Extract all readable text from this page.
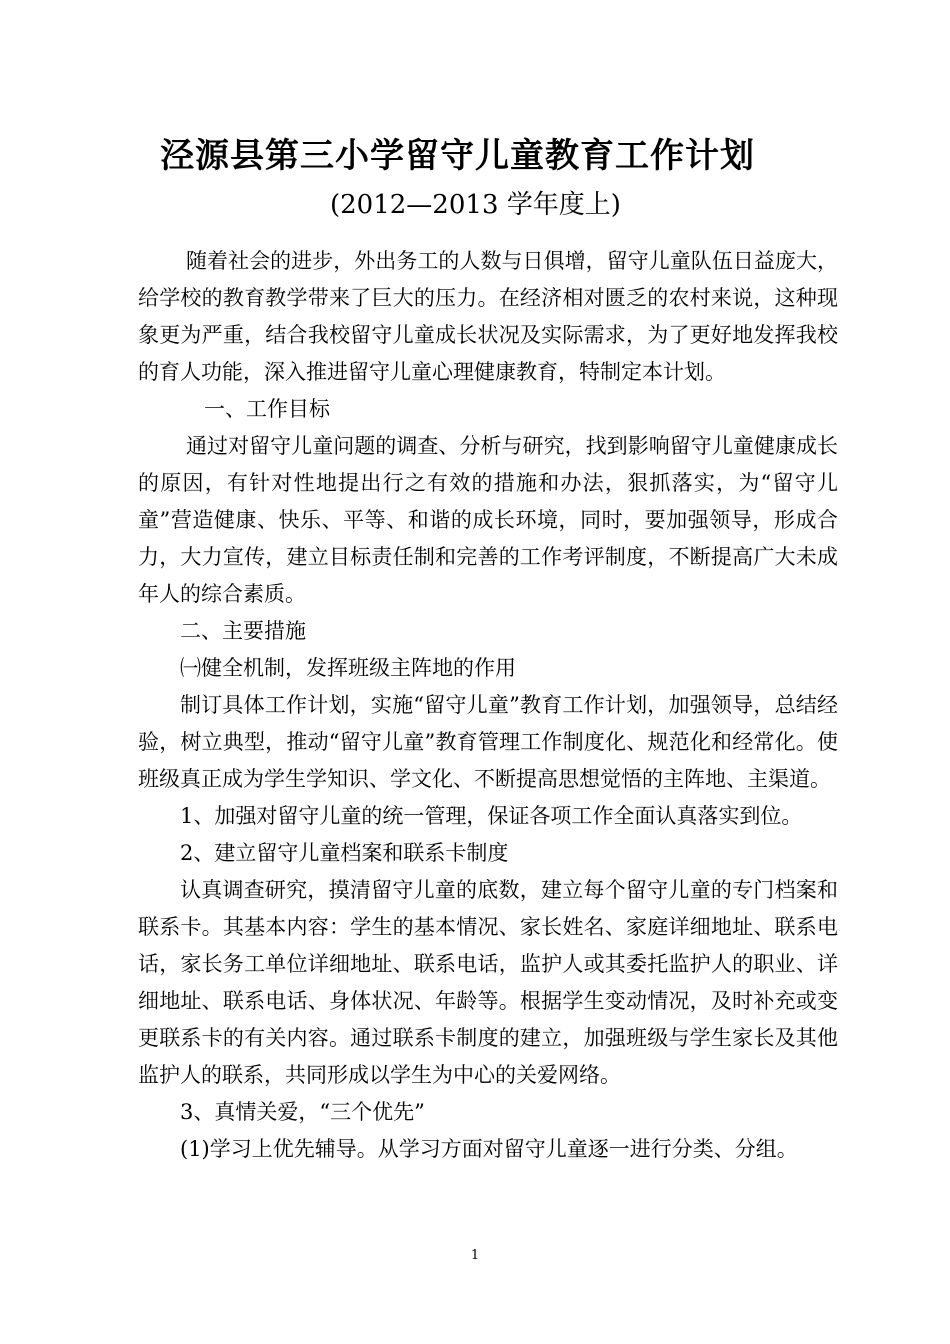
泾源县第三小学留守儿童教育工作计划
(2012—2013 学年度上)

随着社会的进步，外出务工的人数与日俱增，留守儿童队伍日益庞大，给学校的教育教学带来了巨大的压力。在经济相对匮乏的农村来说，这种现象更为严重，结合我校留守儿童成长状况及实际需求，为了更好地发挥我校的育人功能，深入推进留守儿童心理健康教育，特制定本计划。

一、工作目标

通过对留守儿童问题的调查、分析与研究，找到影响留守儿童健康成长的原因，有针对性地提出行之有效的措施和办法，狠抓落实，为“留守儿童”营造健康、快乐、平等、和谐的成长环境，同时，要加强领导，形成合力，大力宣传，建立目标责任制和完善的工作考评制度，不断提高广大未成年人的综合素质。

二、主要措施

㈠健全机制，发挥班级主阵地的作用

制订具体工作计划，实施“留守儿童”教育工作计划，加强领导，总结经验，树立典型，推动“留守儿童”教育管理工作制度化、规范化和经常化。使班级真正成为学生学知识、学文化、不断提高思想觉悟的主阵地、主渠道。

1、加强对留守儿童的统一管理，保证各项工作全面认真落实到位。

2、建立留守儿童档案和联系卡制度

认真调查研究，摸清留守儿童的底数，建立每个留守儿童的专门档案和联系卡。其基本内容：学生的基本情况、家长姓名、家庭详细地址、联系电话，家长务工单位详细地址、联系电话，监护人或其委托监护人的职业、详细地址、联系电话、身体状况、年龄等。根据学生变动情况，及时补充或变更联系卡的有关内容。通过联系卡制度的建立，加强班级与学生家长及其他监护人的联系，共同形成以学生为中心的关爱网络。

3、真情关爱，“三个优先”

(1)学习上优先辅导。从学习方面对留守儿童逐一进行分类、分组。

1
